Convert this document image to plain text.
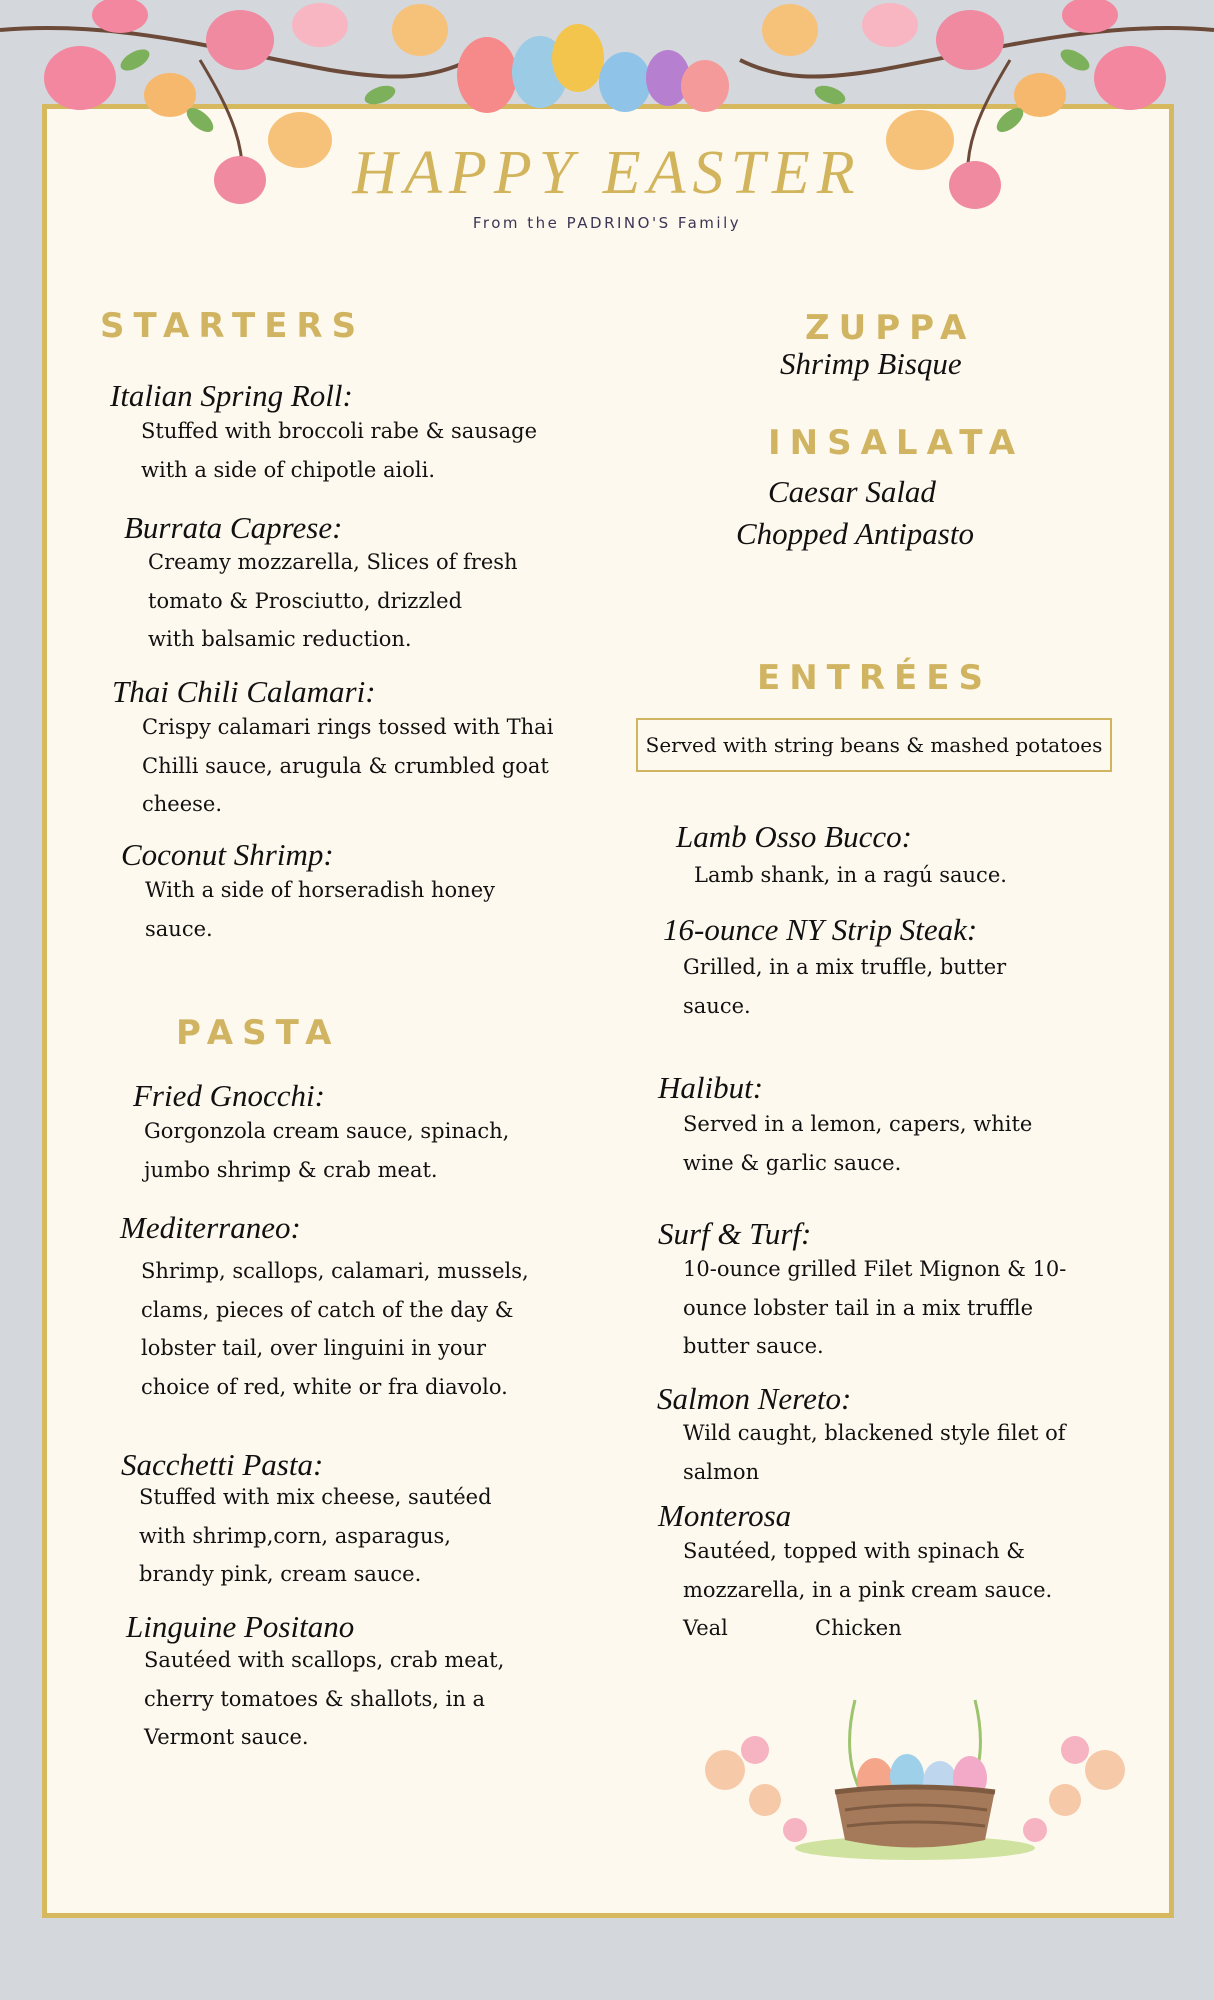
HAPPY EASTER
From the PADRINO'S Family
STARTERS
Italian Spring Roll:
Stuffed with broccoli rabe & sausage
with a side of chipotle aioli.
Burrata Caprese:
Creamy mozzarella, Slices of fresh
tomato & Prosciutto, drizzled
with balsamic reduction.
Thai Chili Calamari:
Crispy calamari rings tossed with Thai
Chilli sauce, arugula & crumbled goat
cheese.
Coconut Shrimp:
With a side of horseradish honey
sauce.
PASTA
Fried Gnocchi:
Gorgonzola cream sauce, spinach,
jumbo shrimp & crab meat.
Mediterraneo:
Shrimp, scallops, calamari, mussels,
clams, pieces of catch of the day &
lobster tail, over linguini in your
choice of red, white or fra diavolo.
Sacchetti Pasta:
Stuffed with mix cheese, sautéed
with shrimp,corn, asparagus,
brandy pink, cream sauce.
Linguine Positano
Sautéed with scallops, crab meat,
cherry tomatoes & shallots, in a
Vermont sauce.
ZUPPA
Shrimp Bisque
INSALATA
Caesar Salad
Chopped Antipasto
ENTRÉES
Served with string beans & mashed potatoes
Lamb Osso Bucco:
Lamb shank, in a ragú sauce.
16-ounce NY Strip Steak:
Grilled, in a mix truffle, butter
sauce.
Halibut:
Served in a lemon, capers, white
wine & garlic sauce.
Surf & Turf:
10-ounce grilled Filet Mignon & 10-
ounce lobster tail in a mix truffle
butter sauce.
Salmon Nereto:
Wild caught, blackened style filet of
salmon
Monterosa
Sautéed, topped with spinach &
mozzarella, in a pink cream sauce.
Veal	Chicken
